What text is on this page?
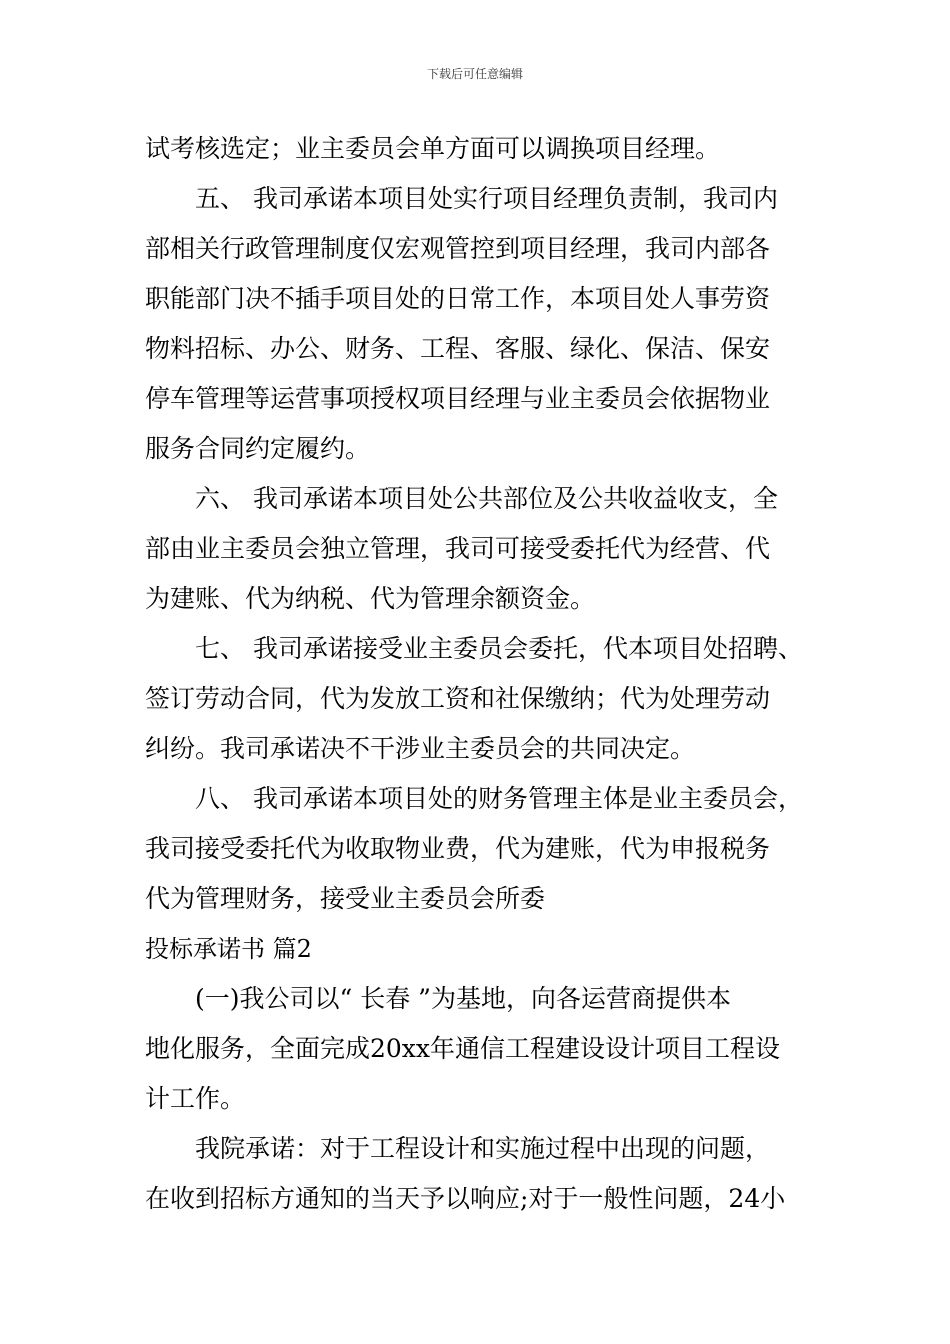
下载后可任意编辑
试考核选定；业主委员会单方面可以调换项目经理。
五、 我司承诺本项目处实行项目经理负责制，我司内
部相关行政管理制度仅宏观管控到项目经理，我司内部各
职能部门决不插手项目处的日常工作，本项目处人事劳资
物料招标、办公、财务、工程、客服、绿化、保洁、保安
停车管理等运营事项授权项目经理与业主委员会依据物业
服务合同约定履约。
六、 我司承诺本项目处公共部位及公共收益收支，全
部由业主委员会独立管理，我司可接受委托代为经营、代
为建账、代为纳税、代为管理余额资金。
七、 我司承诺接受业主委员会委托，代本项目处招聘、
签订劳动合同，代为发放工资和社保缴纳；代为处理劳动
纠纷。我司承诺决不干涉业主委员会的共同决定。
八、 我司承诺本项目处的财务管理主体是业主委员会，
我司接受委托代为收取物业费，代为建账，代为申报税务
代为管理财务，接受业主委员会所委
投标承诺书 篇2
(一)我公司以“ 长春 ”为基地，向各运营商提供本
地化服务，全面完成20xx年通信工程建设设计项目工程设
计工作。
我院承诺：对于工程设计和实施过程中出现的问题，
在收到招标方通知的当天予以响应;对于一般性问题，24小
